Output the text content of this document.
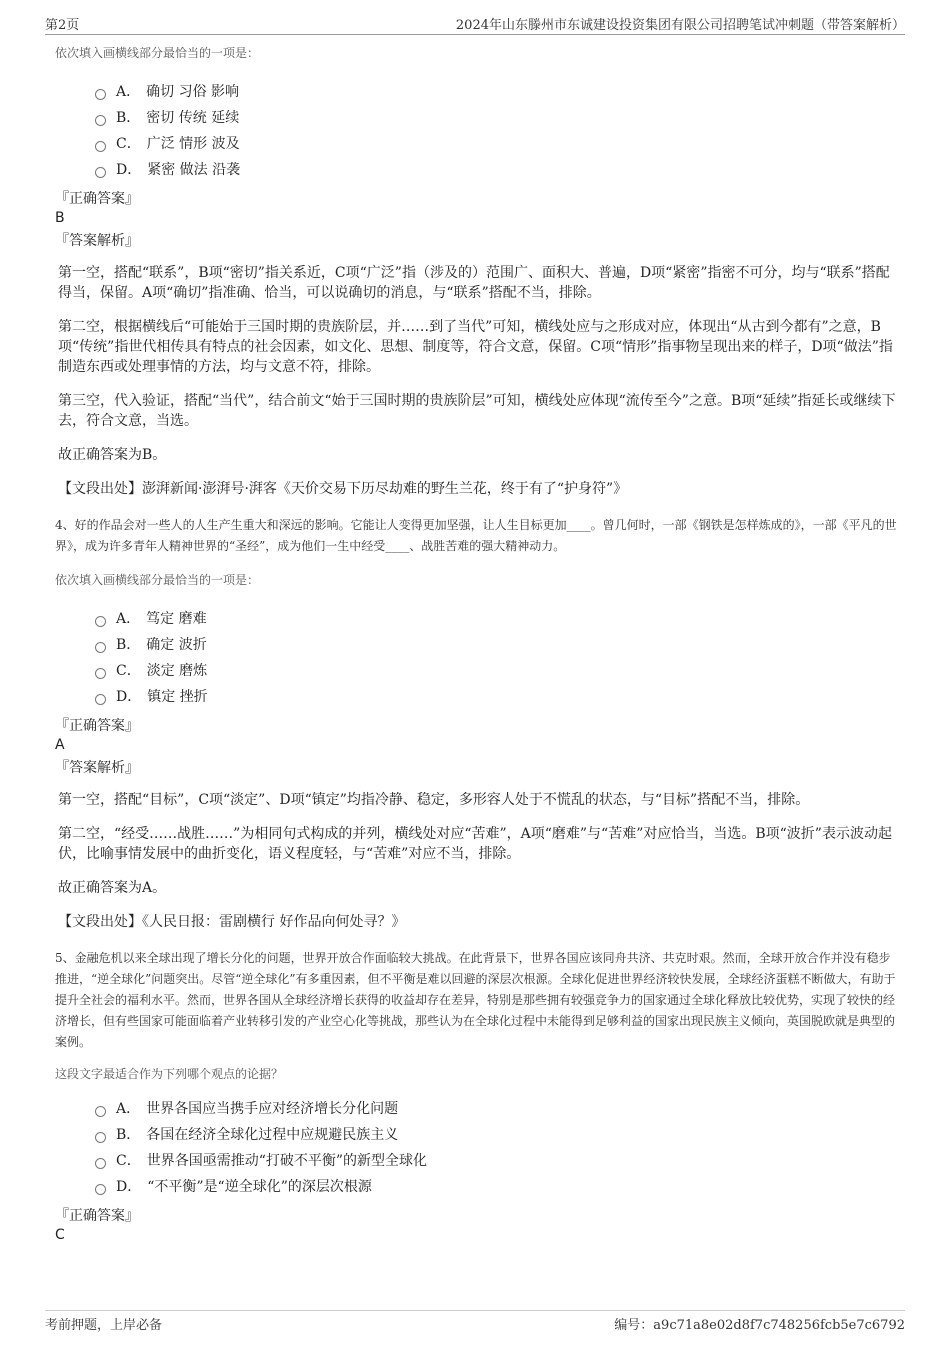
第2页	2024年山东滕州市东诚建设投资集团有限公司招聘笔试冲刺题（带答案解析）
依次填入画横线部分最恰当的一项是：
A． 确切 习俗 影响
B． 密切 传统 延续
C． 广泛 情形 波及
D． 紧密 做法 沿袭
『正确答案』
B
『答案解析』
第一空，搭配“联系”，B项“密切”指关系近，C项“广泛”指（涉及的）范围广、面积大、普遍，D项“紧密”指密不可分，均与“联系”搭配得当，保留。A项“确切”指准确、恰当，可以说确切的消息，与“联系”搭配不当，排除。
第二空，根据横线后“可能始于三国时期的贵族阶层，并……到了当代”可知，横线处应与之形成对应，体现出“从古到今都有”之意，B项“传统”指世代相传具有特点的社会因素，如文化、思想、制度等，符合文意，保留。C项“情形”指事物呈现出来的样子，D项“做法”指制造东西或处理事情的方法，均与文意不符，排除。
第三空，代入验证，搭配“当代”，结合前文“始于三国时期的贵族阶层”可知，横线处应体现“流传至今”之意。B项“延续”指延长或继续下去，符合文意，当选。
故正确答案为B。
【文段出处】澎湃新闻·澎湃号·湃客《天价交易下历尽劫难的野生兰花，终于有了“护身符”》
4、好的作品会对一些人的人生产生重大和深远的影响。它能让人变得更加坚强，让人生目标更加____。曾几何时，一部《钢铁是怎样炼成的》，一部《平凡的世界》，成为许多青年人精神世界的“圣经”，成为他们一生中经受____、战胜苦难的强大精神动力。
依次填入画横线部分最恰当的一项是：
A． 笃定 磨难
B． 确定 波折
C． 淡定 磨炼
D． 镇定 挫折
『正确答案』
A
『答案解析』
第一空，搭配“目标”，C项“淡定”、D项“镇定”均指冷静、稳定，多形容人处于不慌乱的状态，与“目标”搭配不当，排除。
第二空，“经受……战胜……”为相同句式构成的并列，横线处对应“苦难”，A项“磨难”与“苦难”对应恰当，当选。B项“波折”表示波动起伏，比喻事情发展中的曲折变化，语义程度轻，与“苦难”对应不当，排除。
故正确答案为A。
【文段出处】《人民日报：雷剧横行 好作品向何处寻？》
5、金融危机以来全球出现了增长分化的问题，世界开放合作面临较大挑战。在此背景下，世界各国应该同舟共济、共克时艰。然而，全球开放合作并没有稳步推进，“逆全球化”问题突出。尽管“逆全球化”有多重因素，但不平衡是难以回避的深层次根源。全球化促进世界经济较快发展，全球经济蛋糕不断做大，有助于提升全社会的福利水平。然而，世界各国从全球经济增长获得的收益却存在差异，特别是那些拥有较强竞争力的国家通过全球化释放比较优势，实现了较快的经济增长，但有些国家可能面临着产业转移引发的产业空心化等挑战，那些认为在全球化过程中未能得到足够利益的国家出现民族主义倾向，英国脱欧就是典型的案例。
这段文字最适合作为下列哪个观点的论据？
A． 世界各国应当携手应对经济增长分化问题
B． 各国在经济全球化过程中应规避民族主义
C． 世界各国亟需推动“打破不平衡”的新型全球化
D． “不平衡”是“逆全球化”的深层次根源
『正确答案』
C
考前押题，上岸必备	编号：a9c71a8e02d8f7c748256fcb5e7c6792
